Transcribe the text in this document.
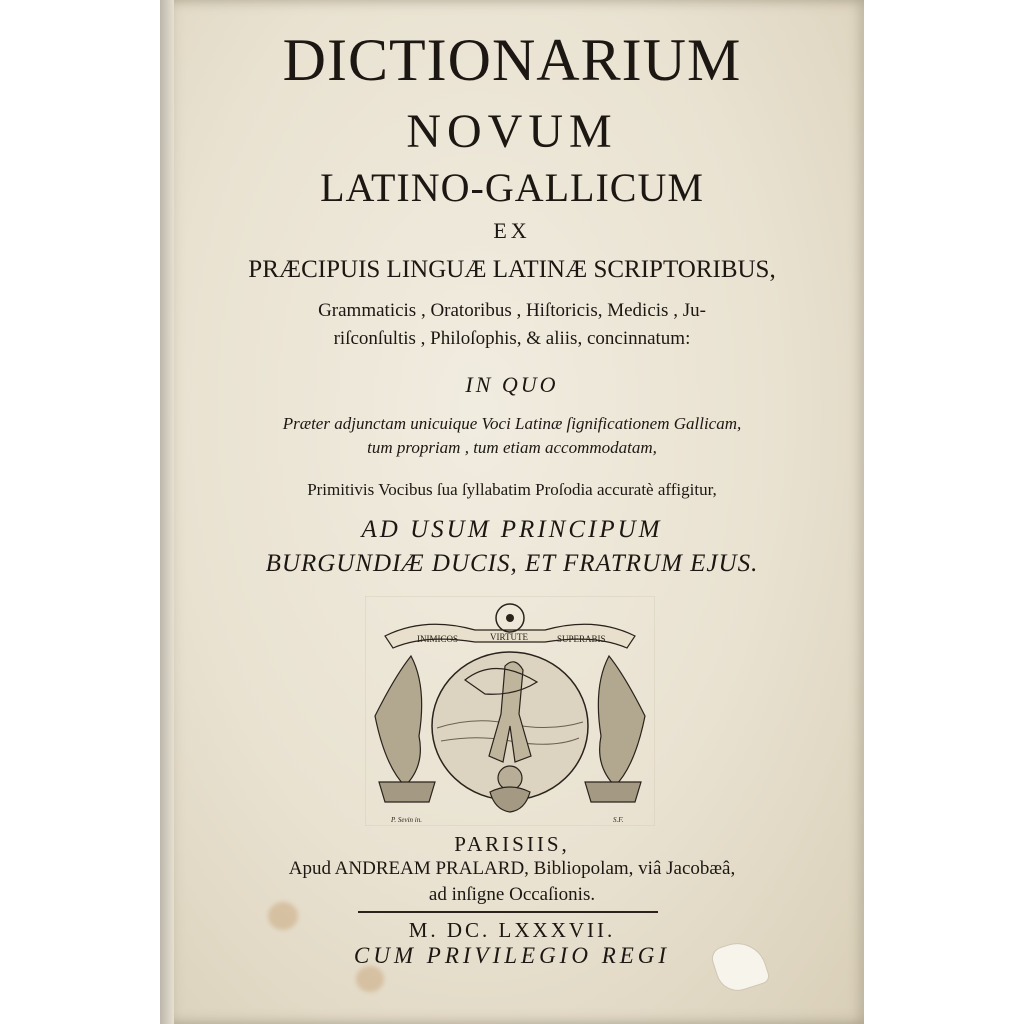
DICTIONARIUM
NOVUM
LATINO-GALLICUM
EX
PRÆCIPUIS LINGUÆ LATINÆ SCRIPTORIBUS,
Grammaticis , Oratoribus , Hiſtoricis, Medicis , Ju-
riſconſultis , Philoſophis, & aliis, concinnatum:
IN QUO
Præter adjunctam unicuique Voci Latinæ ſignificationem Gallicam,
tum propriam , tum etiam accommodatam,
Primitivis Vocibus ſua ſyllabatim Proſodia accuratè affigitur,
AD USUM PRINCIPUM
BURGUNDIÆ DUCIS, ET FRATRUM EJUS.
INIMICOS	VIRTUTE	SUPERABIS
P. Sevin in.	S.F.
PARISIIS,
Apud ANDREAM PRALARD, Bibliopolam, viâ Jacobæâ,
ad inſigne Occaſionis.
M. DC. LXXXVII.
CUM PRIVILEGIO REGI
